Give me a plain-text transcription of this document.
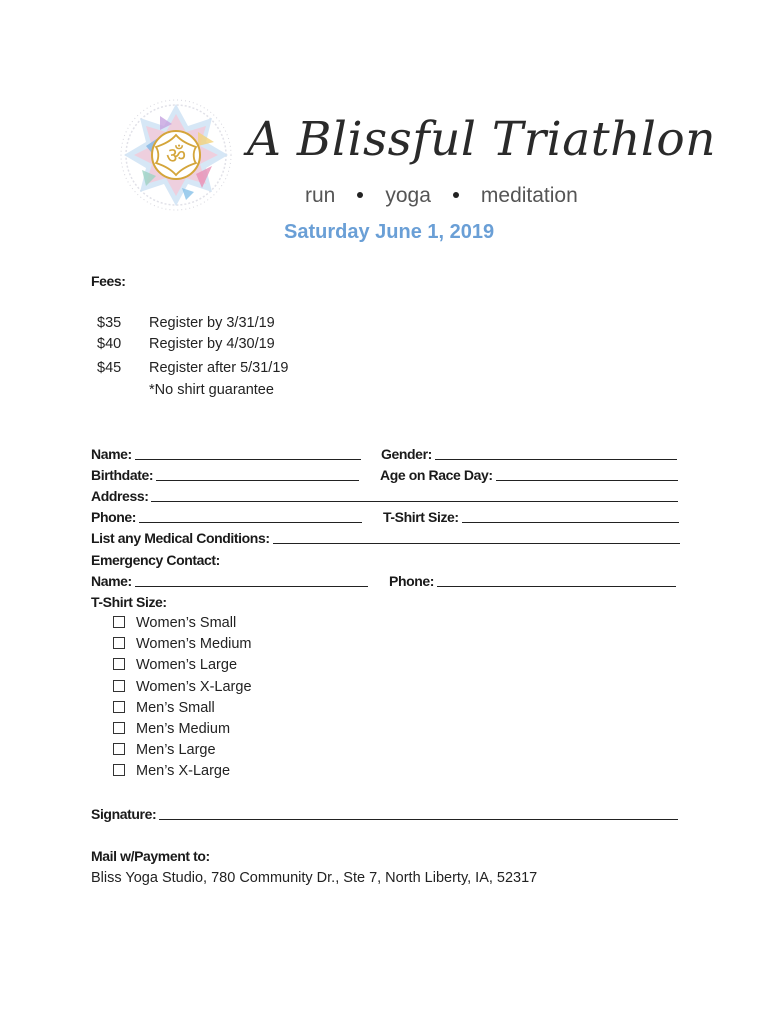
ॐ A Blissful Triathlon
run yoga meditation
Saturday June 1, 2019
Fees:
$35 Register by 3/31/19
$40 Register by 4/30/19
$45 Register after 5/31/19
*No shirt guarantee
Name:	Gender:
Birthdate:	Age on Race Day:
Address:
Phone:	T-Shirt Size:
List any Medical Conditions:
Emergency Contact:
Name:	Phone:
T-Shirt Size:
Women’s Small
Women’s Medium
Women’s Large
Women’s X-Large
Men’s Small
Men’s Medium
Men’s Large
Men’s X-Large
Signature:
Mail w/Payment to:
Bliss Yoga Studio, 780 Community Dr., Ste 7, North Liberty, IA, 52317
